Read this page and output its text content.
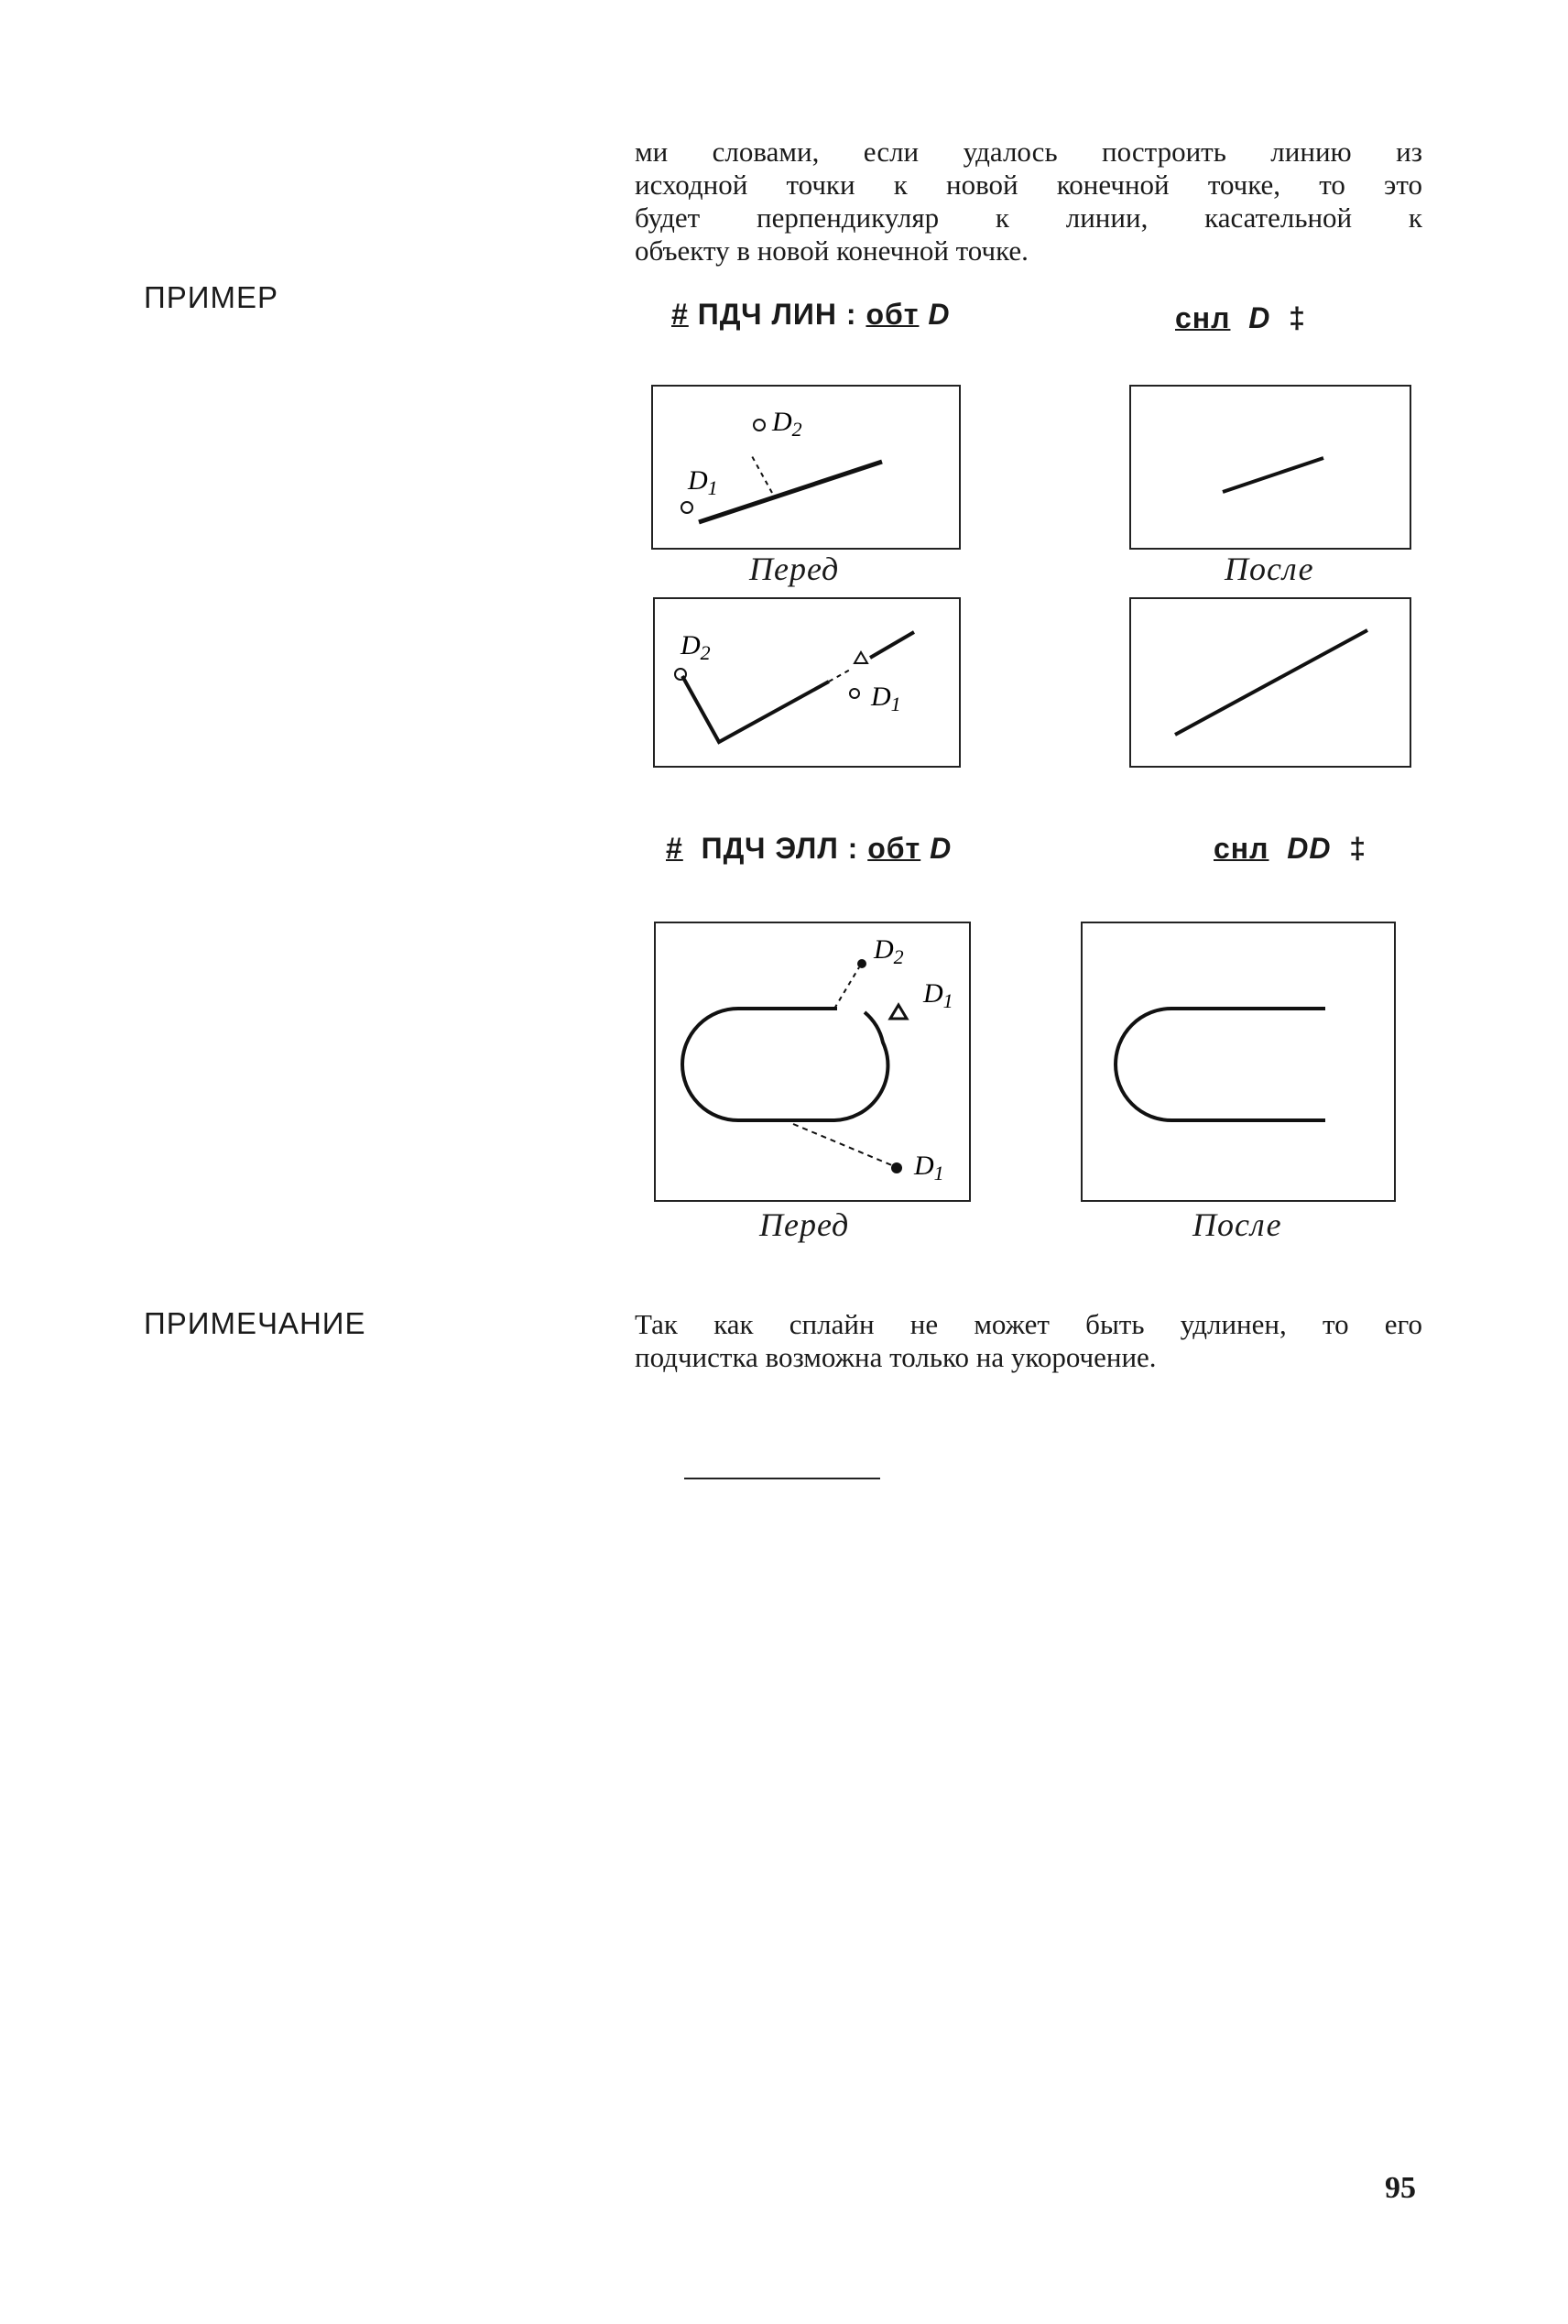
ми словами, если удалось построить линию из
исходной точки к новой конечной точке, то это
будет перпендикуляр к линии, касательной к
объекту в новой конечной точке.
ПРИМЕР	# ПДЧ ЛИН : обт D	снл D ‡
$D_2$
$D_1$
Перед	После
$D_2$
$D_1$
# ПДЧ ЭЛЛ : обт D	снл DD ‡
$D_2$
$D_1$
$D_1$
Перед	После
ПРИМЕЧАНИЕ	Так как сплайн не может быть удлинен, то его
подчистка возможна только на укорочение.
95
